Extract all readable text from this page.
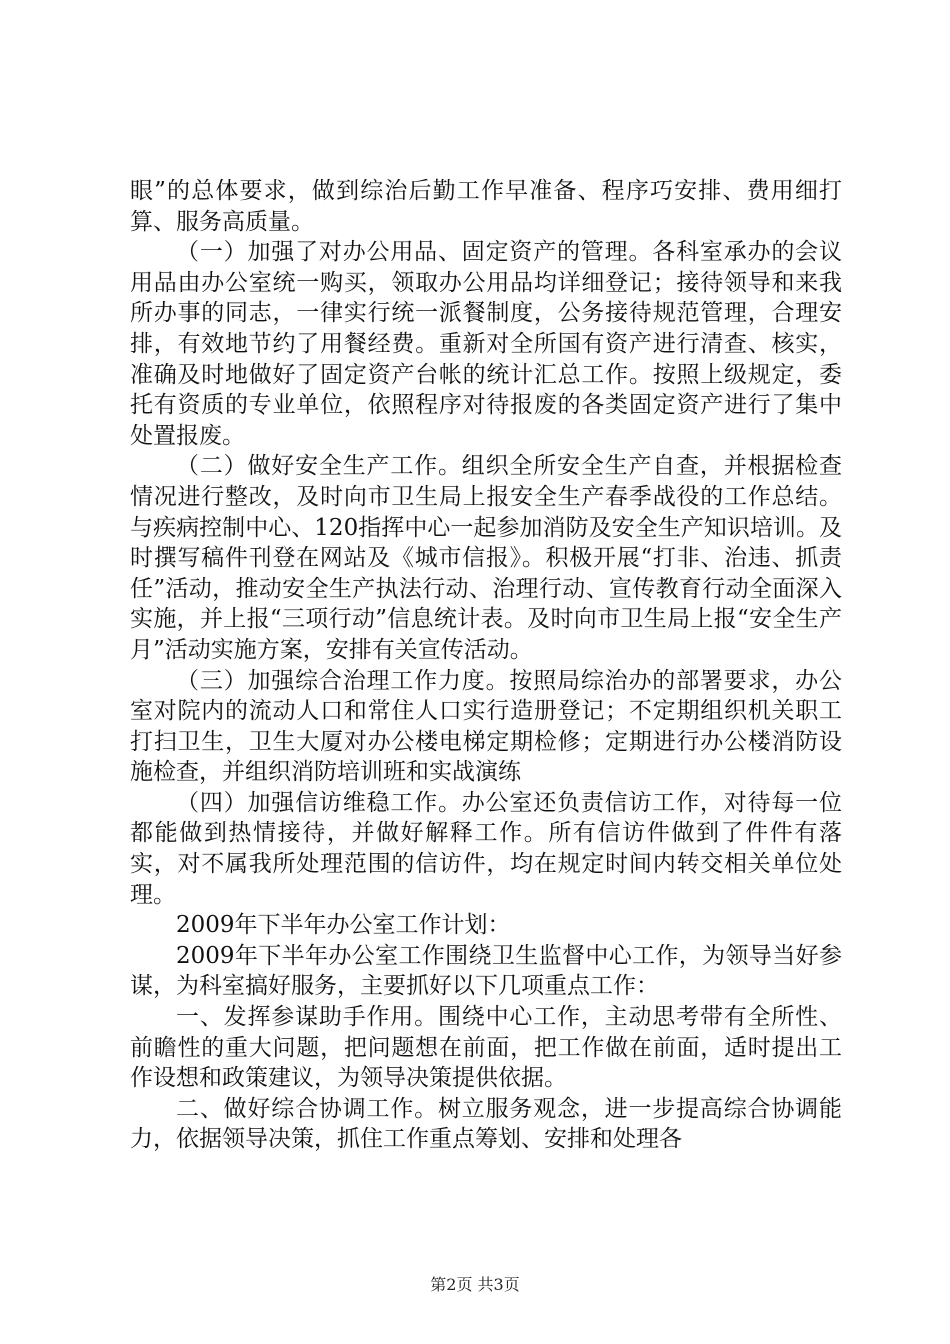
眼”的总体要求，做到综治后勤工作早准备、程序巧安排、费用细打算、服务高质量。

（一）加强了对办公用品、固定资产的管理。各科室承办的会议用品由办公室统一购买，领取办公用品均详细登记；接待领导和来我所办事的同志，一律实行统一派餐制度，公务接待规范管理，合理安排，有效地节约了用餐经费。重新对全所国有资产进行清查、核实，准确及时地做好了固定资产台帐的统计汇总工作。按照上级规定，委托有资质的专业单位，依照程序对待报废的各类固定资产进行了集中处置报废。

（二）做好安全生产工作。组织全所安全生产自查，并根据检查情况进行整改，及时向市卫生局上报安全生产春季战役的工作总结。与疾病控制中心、120指挥中心一起参加消防及安全生产知识培训。及时撰写稿件刊登在网站及《城市信报》。积极开展“打非、治违、抓责任”活动，推动安全生产执法行动、治理行动、宣传教育行动全面深入实施，并上报“三项行动”信息统计表。及时向市卫生局上报“安全生产月”活动实施方案，安排有关宣传活动。

（三）加强综合治理工作力度。按照局综治办的部署要求，办公室对院内的流动人口和常住人口实行造册登记；不定期组织机关职工打扫卫生，卫生大厦对办公楼电梯定期检修；定期进行办公楼消防设施检查，并组织消防培训班和实战演练

（四）加强信访维稳工作。办公室还负责信访工作，对待每一位都能做到热情接待，并做好解释工作。所有信访件做到了件件有落实，对不属我所处理范围的信访件，均在规定时间内转交相关单位处理。

2009年下半年办公室工作计划：

2009年下半年办公室工作围绕卫生监督中心工作，为领导当好参谋，为科室搞好服务，主要抓好以下几项重点工作：

一、发挥参谋助手作用。围绕中心工作，主动思考带有全所性、前瞻性的重大问题，把问题想在前面，把工作做在前面，适时提出工作设想和政策建议，为领导决策提供依据。

二、做好综合协调工作。树立服务观念，进一步提高综合协调能力，依据领导决策，抓住工作重点筹划、安排和处理各

第2页 共3页
